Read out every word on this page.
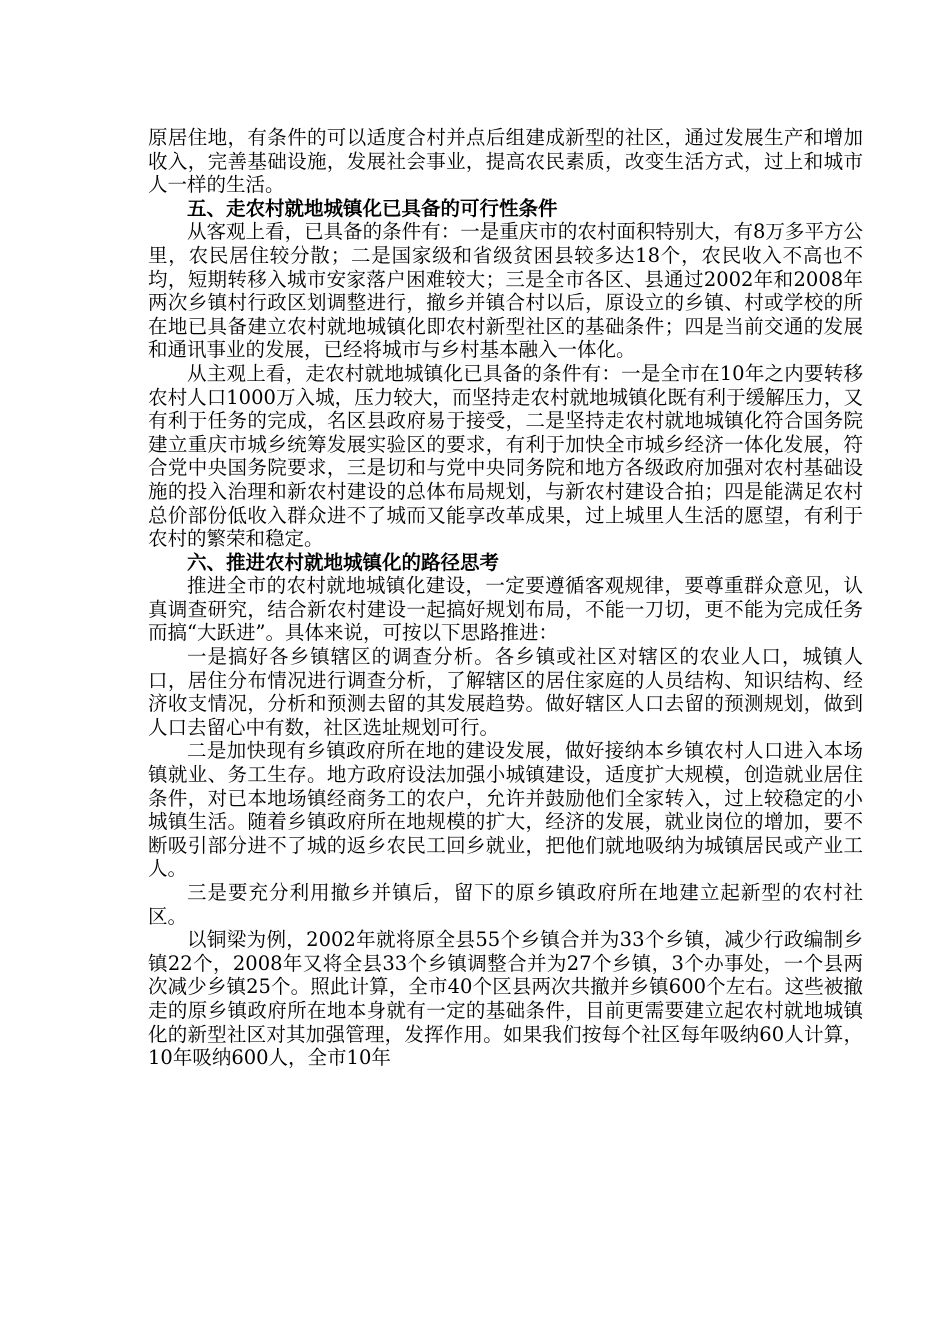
原居住地，有条件的可以适度合村并点后组建成新型的社区，通过发展生产和增加收入，完善基础设施，发展社会事业，提高农民素质，改变生活方式，过上和城市人一样的生活。

五、走农村就地城镇化已具备的可行性条件

从客观上看，已具备的条件有：一是重庆市的农村面积特别大，有8万多平方公里，农民居住较分散；二是国家级和省级贫困县较多达18个，农民收入不高也不均，短期转移入城市安家落户困难较大；三是全市各区、县通过2002年和2008年两次乡镇村行政区划调整进行，撤乡并镇合村以后，原设立的乡镇、村或学校的所在地已具备建立农村就地城镇化即农村新型社区的基础条件；四是当前交通的发展和通讯事业的发展，已经将城市与乡村基本融入一体化。

从主观上看，走农村就地城镇化已具备的条件有：一是全市在10年之内要转移农村人口1000万入城，压力较大，而坚持走农村就地城镇化既有利于缓解压力，又有利于任务的完成，名区县政府易于接受，二是坚持走农村就地城镇化符合国务院建立重庆市城乡统筹发展实验区的要求，有利于加快全市城乡经济一体化发展，符合党中央国务院要求，三是切和与党中央同务院和地方各级政府加强对农村基础设施的投入治理和新农村建设的总体布局规划，与新农村建设合拍；四是能满足农村总价部份低收入群众进不了城而又能享改革成果，过上城里人生活的愿望，有利于农村的繁荣和稳定。

六、推进农村就地城镇化的路径思考

推进全市的农村就地城镇化建设，一定要遵循客观规律，要尊重群众意见，认真调查研究，结合新农村建设一起搞好规划布局，不能一刀切，更不能为完成任务而搞“大跃进”。具体来说，可按以下思路推进：

一是搞好各乡镇辖区的调查分析。各乡镇或社区对辖区的农业人口，城镇人口，居住分布情况进行调查分析，了解辖区的居住家庭的人员结构、知识结构、经济收支情况，分析和预测去留的其发展趋势。做好辖区人口去留的预测规划，做到人口去留心中有数，社区选址规划可行。

二是加快现有乡镇政府所在地的建设发展，做好接纳本乡镇农村人口进入本场镇就业、务工生存。地方政府设法加强小城镇建设，适度扩大规模，创造就业居住条件，对已本地场镇经商务工的农户，允许并鼓励他们全家转入，过上较稳定的小城镇生活。随着乡镇政府所在地规模的扩大，经济的发展，就业岗位的增加，要不断吸引部分进不了城的返乡农民工回乡就业，把他们就地吸纳为城镇居民或产业工人。

三是要充分利用撤乡并镇后，留下的原乡镇政府所在地建立起新型的农村社区。

以铜梁为例，2002年就将原全县55个乡镇合并为33个乡镇，减少行政编制乡镇22个，2008年又将全县33个乡镇调整合并为27个乡镇，3个办事处，一个县两次减少乡镇25个。照此计算，全市40个区县两次共撤并乡镇600个左右。这些被撤走的原乡镇政府所在地本身就有一定的基础条件，目前更需要建立起农村就地城镇化的新型社区对其加强管理，发挥作用。如果我们按每个社区每年吸纳60人计算，10年吸纳600人，全市10年
